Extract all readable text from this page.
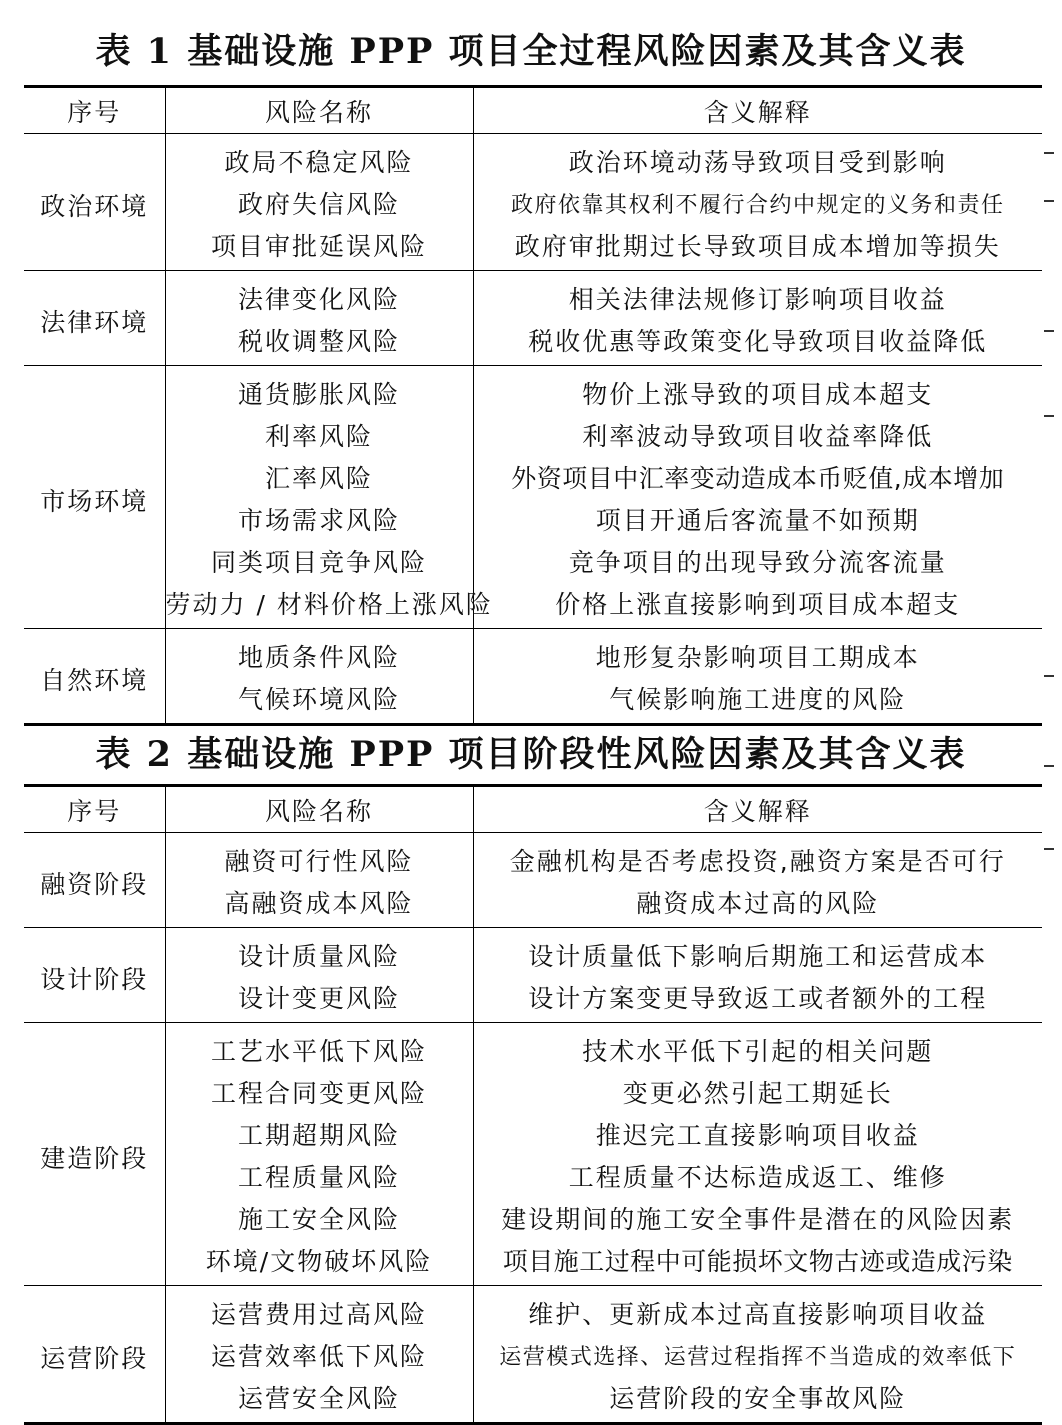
表 1 基础设施 PPP 项目全过程风险因素及其含义表
序号	风险名称	含义解释
政治环境	政局不稳定风险	政治环境动荡导致项目受到影响
	政府失信风险	政府依靠其权利不履行合约中规定的义务和责任
	项目审批延误风险	政府审批期过长导致项目成本增加等损失
法律环境	法律变化风险	相关法律法规修订影响项目收益
	税收调整风险	税收优惠等政策变化导致项目收益降低
市场环境	通货膨胀风险	物价上涨导致的项目成本超支
	利率风险	利率波动导致项目收益率降低
	汇率风险	外资项目中汇率变动造成本币贬值,成本增加
	市场需求风险	项目开通后客流量不如预期
	同类项目竞争风险	竞争项目的出现导致分流客流量
	劳动力 / 材料价格上涨风险	价格上涨直接影响到项目成本超支
自然环境	地质条件风险	地形复杂影响项目工期成本
	气候环境风险	气候影响施工进度的风险
表 2 基础设施 PPP 项目阶段性风险因素及其含义表
序号	风险名称	含义解释
融资阶段	融资可行性风险	金融机构是否考虑投资,融资方案是否可行
	高融资成本风险	融资成本过高的风险
设计阶段	设计质量风险	设计质量低下影响后期施工和运营成本
	设计变更风险	设计方案变更导致返工或者额外的工程
建造阶段	工艺水平低下风险	技术水平低下引起的相关问题
	工程合同变更风险	变更必然引起工期延长
	工期超期风险	推迟完工直接影响项目收益
	工程质量风险	工程质量不达标造成返工、维修
	施工安全风险	建设期间的施工安全事件是潜在的风险因素
	环境/文物破坏风险	项目施工过程中可能损坏文物古迹或造成污染
运营阶段	运营费用过高风险	维护、更新成本过高直接影响项目收益
	运营效率低下风险	运营模式选择、运营过程指挥不当造成的效率低下
	运营安全风险	运营阶段的安全事故风险
